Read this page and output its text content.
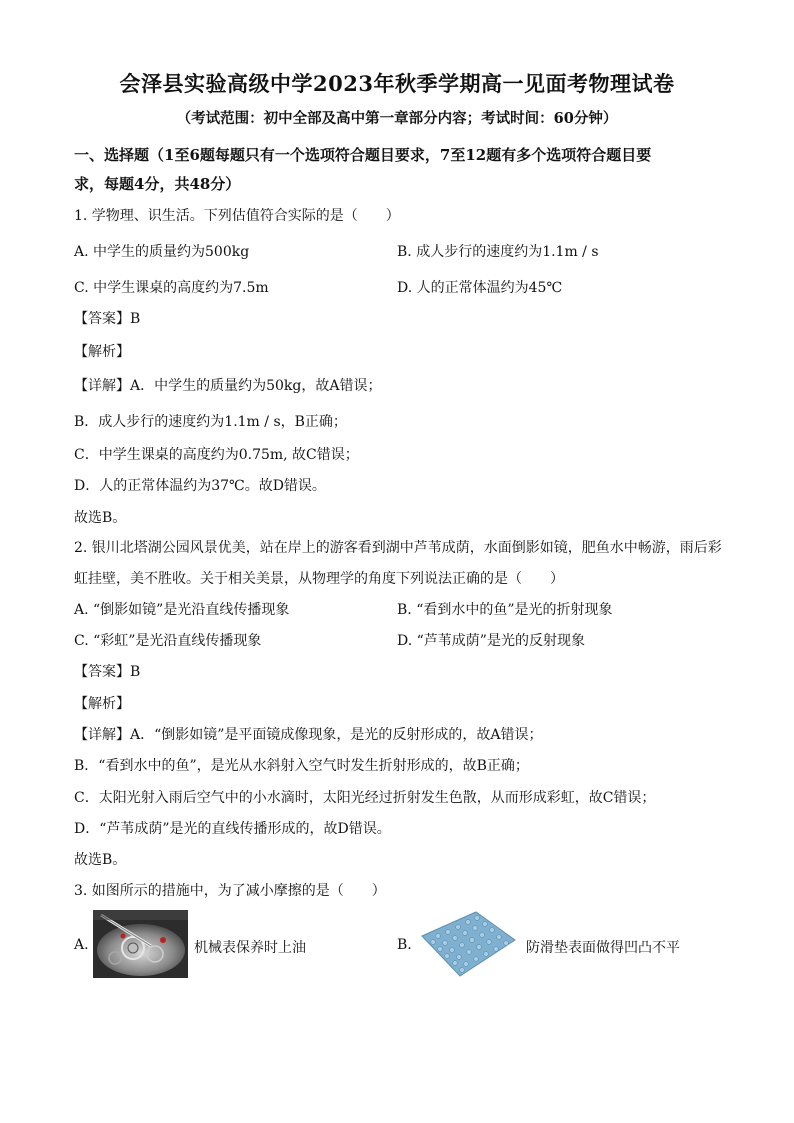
会泽县实验高级中学2023年秋季学期高一见面考物理试卷
（考试范围：初中全部及高中第一章部分内容；考试时间：60分钟）
一、选择题（1至6题每题只有一个选项符合题目要求，7至12题有多个选项符合题目要
求，每题4分，共48分）
1. 学物理、识生活。下列估值符合实际的是（　　）
A. 中学生的质量约为500kg	B. 成人步行的速度约为1.1m / s
C. 中学生课桌的高度约为7.5m	D. 人的正常体温约为45℃
【答案】B
【解析】
【详解】A．中学生的质量约为50kg，故A错误；
B．成人步行的速度约为1.1m / s，B正确；
C．中学生课桌的高度约为0.75m, 故C错误；
D．人的正常体温约为37℃。故D错误。
故选B。
2. 银川北塔湖公园风景优美，站在岸上的游客看到湖中芦苇成荫，水面倒影如镜，肥鱼水中畅游，雨后彩
虹挂壁，美不胜收。关于相关美景，从物理学的角度下列说法正确的是（　　）
A. “倒影如镜”是光沿直线传播现象	B. “看到水中的鱼”是光的折射现象
C. “彩虹”是光沿直线传播现象	D. “芦苇成荫”是光的反射现象
【答案】B
【解析】
【详解】A．“倒影如镜”是平面镜成像现象，是光的反射形成的，故A错误；
B．“看到水中的鱼”，是光从水斜射入空气时发生折射形成的，故B正确；
C．太阳光射入雨后空气中的小水滴时，太阳光经过折射发生色散，从而形成彩虹，故C错误；
D．“芦苇成荫”是光的直线传播形成的，故D错误。
故选B。
3. 如图所示的措施中，为了减小摩擦的是（　　）
A.	机械表保养时上油	B.	防滑垫表面做得凹凸不平
